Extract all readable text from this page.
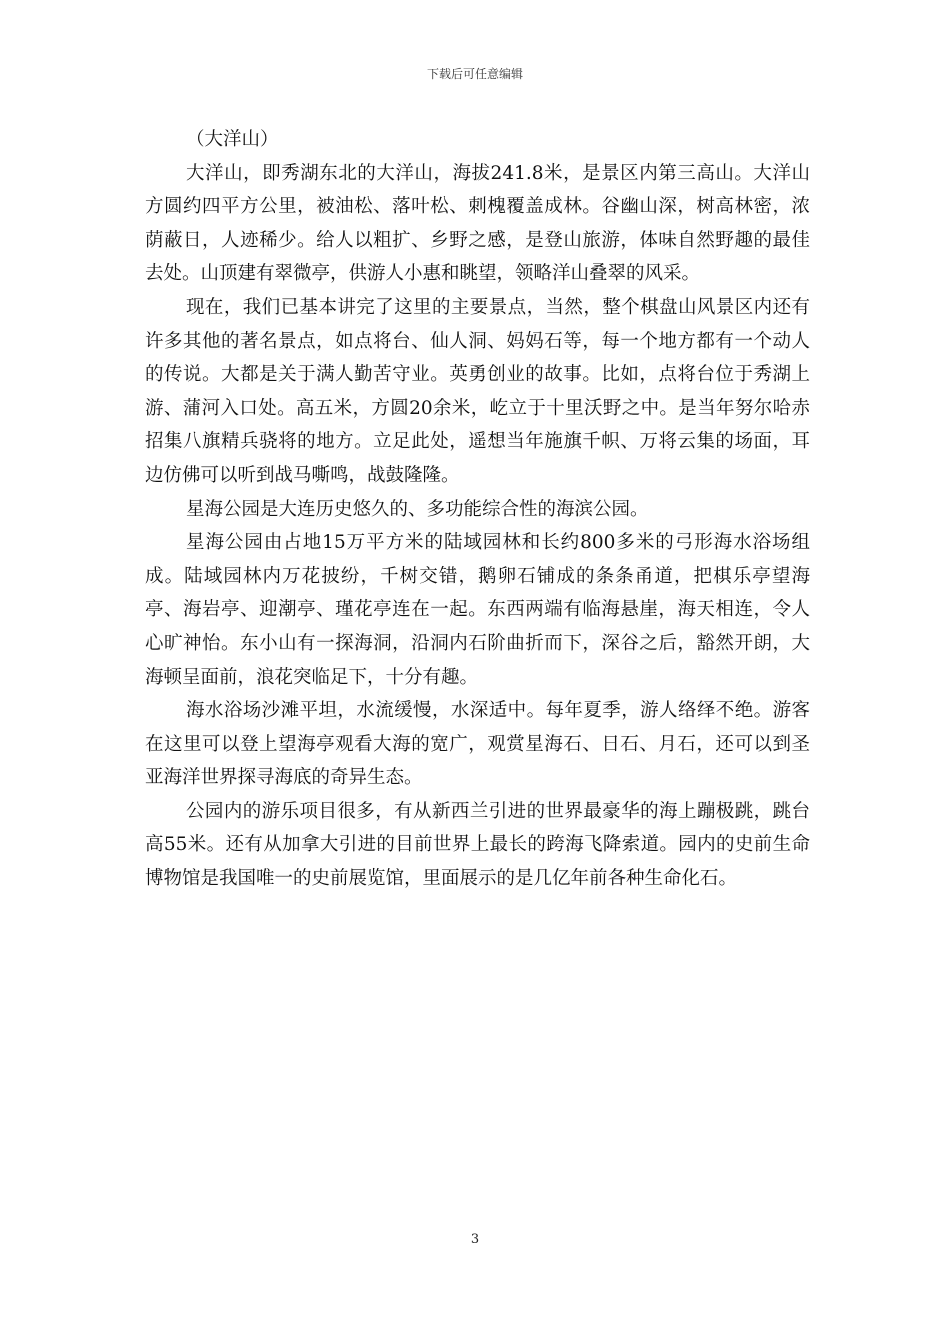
下载后可任意编辑

（大洋山）

大洋山，即秀湖东北的大洋山，海拔241.8米，是景区内第三高山。大洋山方圆约四平方公里，被油松、落叶松、刺槐覆盖成林。谷幽山深，树高林密，浓荫蔽日，人迹稀少。给人以粗扩、乡野之感，是登山旅游，体味自然野趣的最佳去处。山顶建有翠微亭，供游人小惠和眺望，领略洋山叠翠的风采。

现在，我们已基本讲完了这里的主要景点，当然，整个棋盘山风景区内还有许多其他的著名景点，如点将台、仙人洞、妈妈石等，每一个地方都有一个动人的传说。大都是关于满人勤苦守业。英勇创业的故事。比如，点将台位于秀湖上游、蒲河入口处。高五米，方圆20余米，屹立于十里沃野之中。是当年努尔哈赤招集八旗精兵骁将的地方。立足此处，遥想当年施旗千帜、万将云集的场面，耳边仿佛可以听到战马嘶鸣，战鼓隆隆。

星海公园是大连历史悠久的、多功能综合性的海滨公园。

星海公园由占地15万平方米的陆域园林和长约800多米的弓形海水浴场组成。陆域园林内万花披纷，千树交错，鹅卵石铺成的条条甬道，把棋乐亭望海亭、海岩亭、迎潮亭、瑾花亭连在一起。东西两端有临海悬崖，海天相连，令人心旷神怡。东小山有一探海洞，沿洞内石阶曲折而下，深谷之后，豁然开朗，大海顿呈面前，浪花突临足下，十分有趣。

海水浴场沙滩平坦，水流缓慢，水深适中。每年夏季，游人络绎不绝。游客在这里可以登上望海亭观看大海的宽广，观赏星海石、日石、月石，还可以到圣亚海洋世界探寻海底的奇异生态。

公园内的游乐项目很多，有从新西兰引进的世界最豪华的海上蹦极跳，跳台高55米。还有从加拿大引进的目前世界上最长的跨海飞降索道。园内的史前生命博物馆是我国唯一的史前展览馆，里面展示的是几亿年前各种生命化石。

3
